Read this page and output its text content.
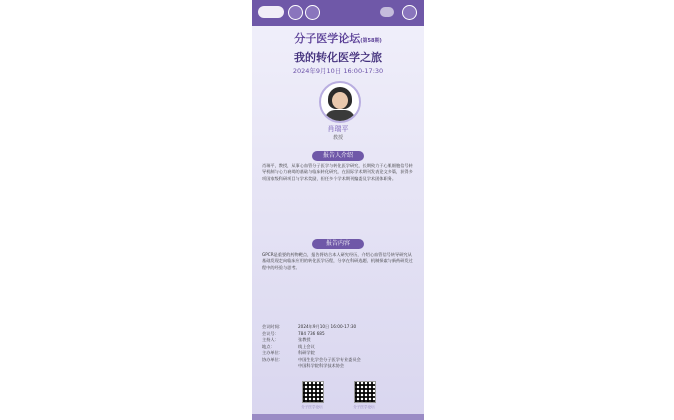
分子医学论坛(第58期)
我的转化医学之旅
2024年9月10日 16:00-17:30
肖瑞平
教授
报告人介绍
肖瑞平，教授，从事心血管分子医学与转化医学研究，长期致力于心肌细胞信号转导机制与心力衰竭的基础与临床转化研究，在国际学术期刊发表论文多篇，获得多项国家级科研项目与学术奖励，担任多个学术期刊编委及学术团体职务。
报告内容
GPCR是重要的药物靶点，报告将结合本人研究经历，介绍心血管信号转导研究从基础发现走向临床应用的转化医学历程，分享在科研选题、机制探索与新药研发过程中的经验与思考。
会议时间：	2024年9月10日 16:00-17:30
会议号：	784 736 685
主持人：	张教授
地点：	线上会议
主办单位：	科研学院
协办单位：	中国生化学会分子医学专业委员会
中国科学院科学技术协会
分子医学论坛	分子医学论坛
